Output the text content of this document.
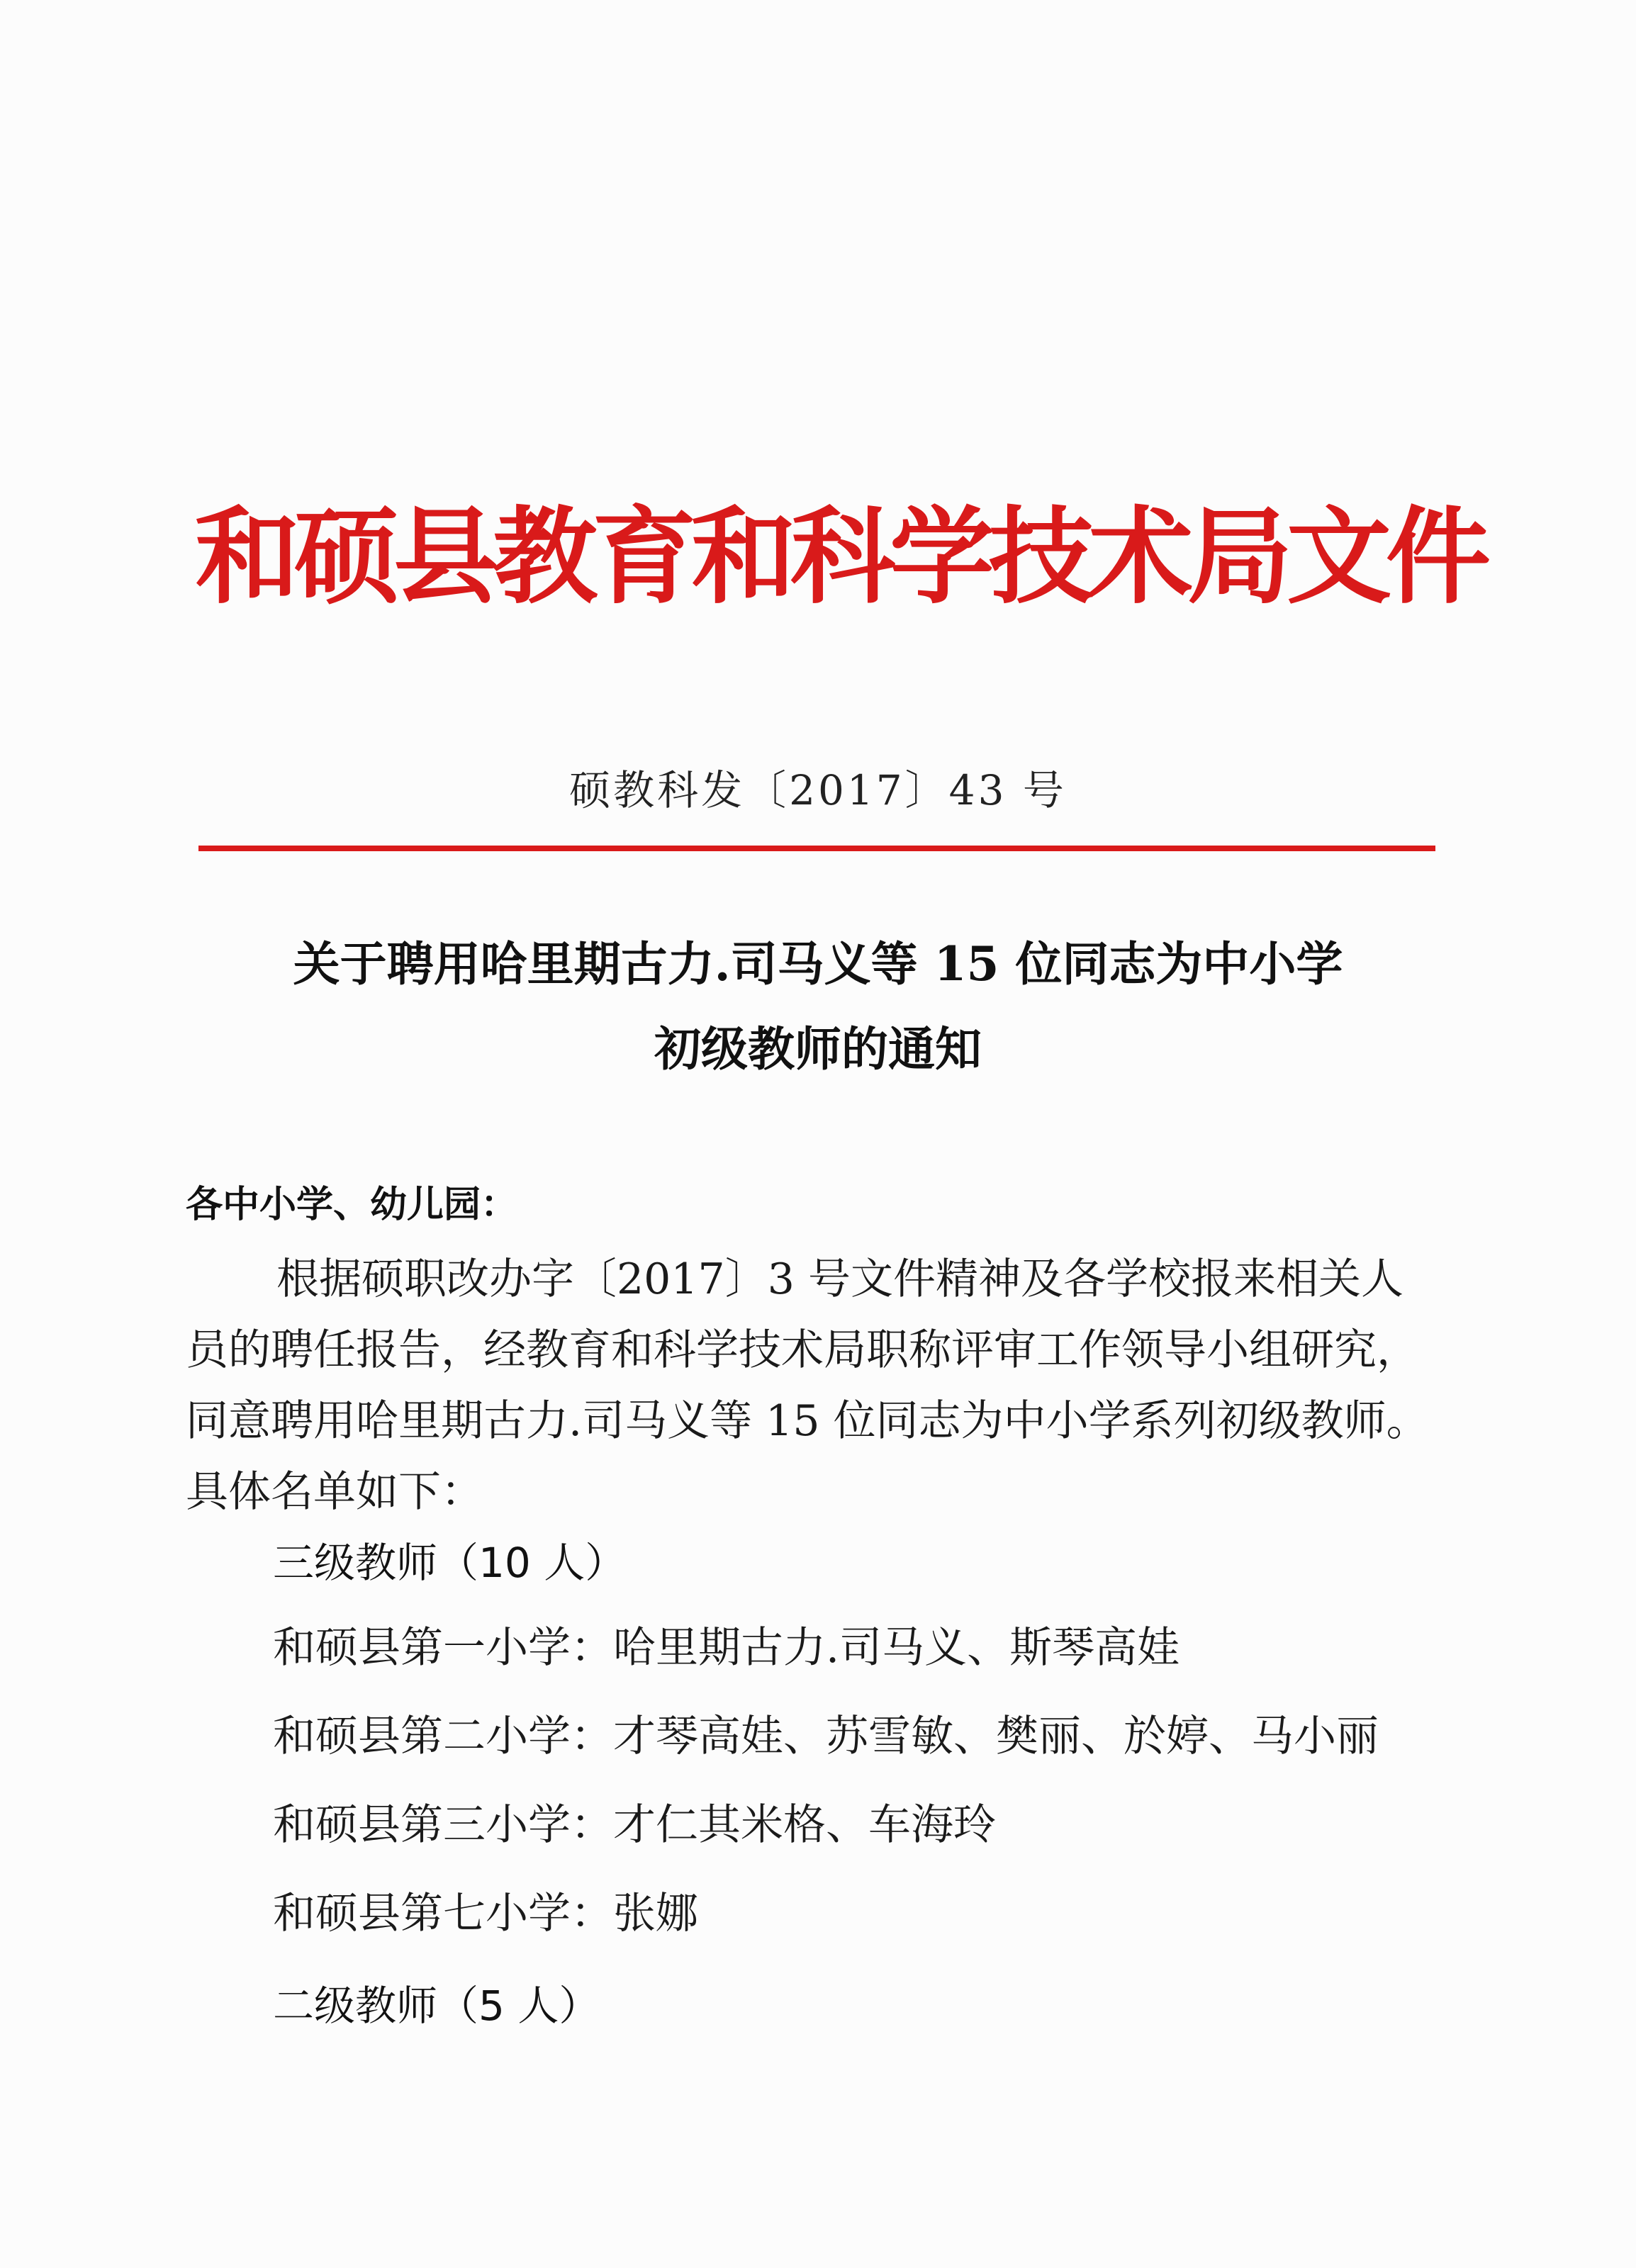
和硕县教育和科学技术局文件
硕教科发〔2017〕43 号
关于聘用哈里期古力.司马义等 15 位同志为中小学
初级教师的通知
各中小学、幼儿园：
根据硕职改办字〔2017〕3 号文件精神及各学校报来相关人
员的聘任报告，经教育和科学技术局职称评审工作领导小组研究，
同意聘用哈里期古力.司马义等 15 位同志为中小学系列初级教师。
具体名单如下：
三级教师（10 人）
和硕县第一小学：哈里期古力.司马义、斯琴高娃
和硕县第二小学：才琴高娃、苏雪敏、樊丽、於婷、马小丽
和硕县第三小学：才仁其米格、车海玲
和硕县第七小学：张娜
二级教师（5 人）
